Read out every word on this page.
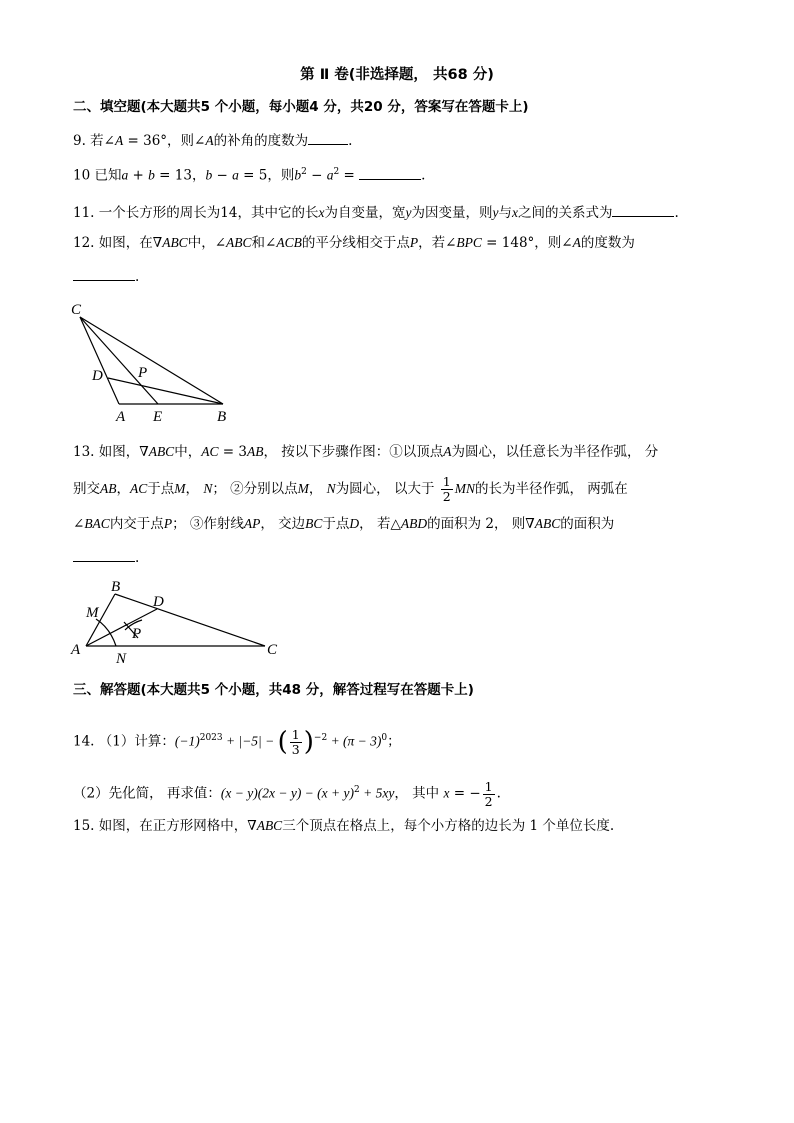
第 Ⅱ 卷(非选择题， 共68 分)
二、填空题(本大题共5 个小题，每小题4 分，共20 分，答案写在答题卡上)
9. 若∠A = 36°，则∠A的补角的度数为	.
10 已知a + b = 13，b − a = 5，则$b^2 - a^2$ =	.
11. 一个长方形的周长为14，其中它的长x为自变量，宽y为因变量，则y与x之间的关系式为	.
12. 如图，在∇ABC中，∠ABC和∠ACB的平分线相交于点P，若∠BPC = 148°，则∠A的度数为
.
C
D P
A E	B
13. 如图，∇ABC中，AC = 3AB， 按以下步骤作图：①以顶点A为圆心，以任意长为半径作弧， 分
别交AB，AC于点M， N； ②分别以点M， N为圆心， 以大于 $\frac{1}{2}$ MN的长为半径作弧， 两弧在
∠BAC内交于点P； ③作射线AP， 交边BC于点D， 若△ABD的面积为 2， 则∇ABC的面积为
.
B
D
M
P
A
N
C
三、解答题(本大题共5 个小题，共48 分，解答过程写在答题卡上)
14. （1）计算：$(-1)^{2023} + |-5|$ − ( $\frac{1}{3} )^{-2} + (\pi - 3)^0$；
（2）先化简， 再求值：$(x - y)(2x - y) - (x + y)^2 + 5xy$， 其中 x = − $\frac{1}{2}$ .
15. 如图，在正方形网格中，∇ABC三个顶点在格点上，每个小方格的边长为 1 个单位长度.
